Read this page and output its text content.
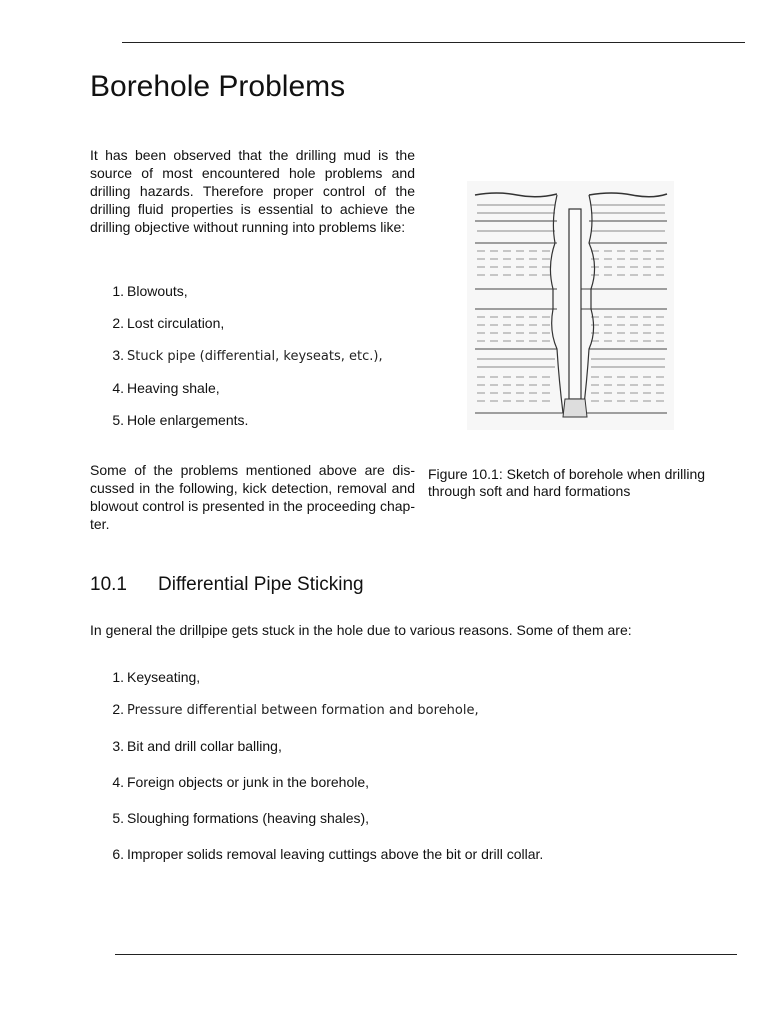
Borehole Problems

It has been observed that the drilling mud is the source of most encountered hole problems and drilling hazards. Therefore proper control of the drilling fluid properties is essential to achieve the drilling objective without running into problems like:

1. Blowouts,
2. Lost circulation,
3. Stuck pipe (differential, keyseats, etc.),
4. Heaving shale,
5. Hole enlargements.

Some of the problems mentioned above are dis-cussed in the following, kick detection, removal and blowout control is presented in the proceeding chap-ter.

Figure 10.1: Sketch of borehole when drilling through soft and hard formations

10.1 Differential Pipe Sticking

In general the drillpipe gets stuck in the hole due to various reasons. Some of them are:

1. Keyseating,
2. Pressure differential between formation and borehole,
3. Bit and drill collar balling,
4. Foreign objects or junk in the borehole,
5. Sloughing formations (heaving shales),
6. Improper solids removal leaving cuttings above the bit or drill collar.
